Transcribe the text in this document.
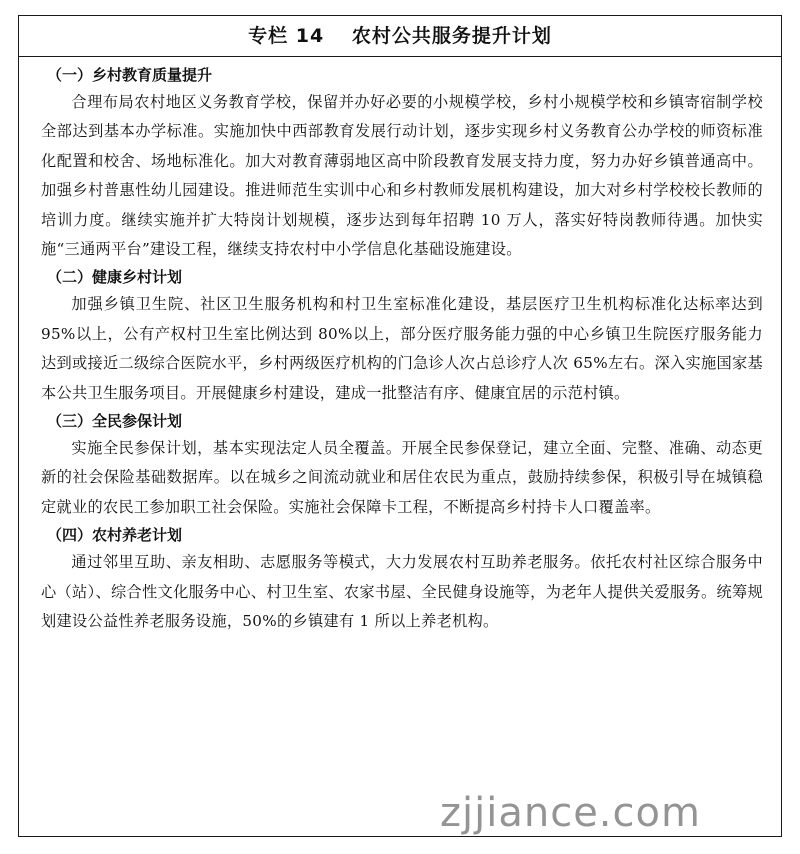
专栏 14 农村公共服务提升计划
（一）乡村教育质量提升

合理布局农村地区义务教育学校，保留并办好必要的小规模学校，乡村小规模学校和乡镇寄宿制学校全部达到基本办学标准。实施加快中西部教育发展行动计划，逐步实现乡村义务教育公办学校的师资标准化配置和校舍、场地标准化。加大对教育薄弱地区高中阶段教育发展支持力度，努力办好乡镇普通高中。加强乡村普惠性幼儿园建设。推进师范生实训中心和乡村教师发展机构建设，加大对乡村学校校长教师的培训力度。继续实施并扩大特岗计划规模，逐步达到每年招聘 10 万人，落实好特岗教师待遇。加快实施“三通两平台”建设工程，继续支持农村中小学信息化基础设施建设。

（二）健康乡村计划

加强乡镇卫生院、社区卫生服务机构和村卫生室标准化建设，基层医疗卫生机构标准化达标率达到 95%以上，公有产权村卫生室比例达到 80%以上，部分医疗服务能力强的中心乡镇卫生院医疗服务能力达到或接近二级综合医院水平，乡村两级医疗机构的门急诊人次占总诊疗人次 65%左右。深入实施国家基本公共卫生服务项目。开展健康乡村建设，建成一批整洁有序、健康宜居的示范村镇。

（三）全民参保计划

实施全民参保计划，基本实现法定人员全覆盖。开展全民参保登记，建立全面、完整、准确、动态更新的社会保险基础数据库。以在城乡之间流动就业和居住农民为重点，鼓励持续参保，积极引导在城镇稳定就业的农民工参加职工社会保险。实施社会保障卡工程，不断提高乡村持卡人口覆盖率。

（四）农村养老计划

通过邻里互助、亲友相助、志愿服务等模式，大力发展农村互助养老服务。依托农村社区综合服务中心（站）、综合性文化服务中心、村卫生室、农家书屋、全民健身设施等，为老年人提供关爱服务。统筹规划建设公益性养老服务设施，50%的乡镇建有 1 所以上养老机构。

zjjiance.com
